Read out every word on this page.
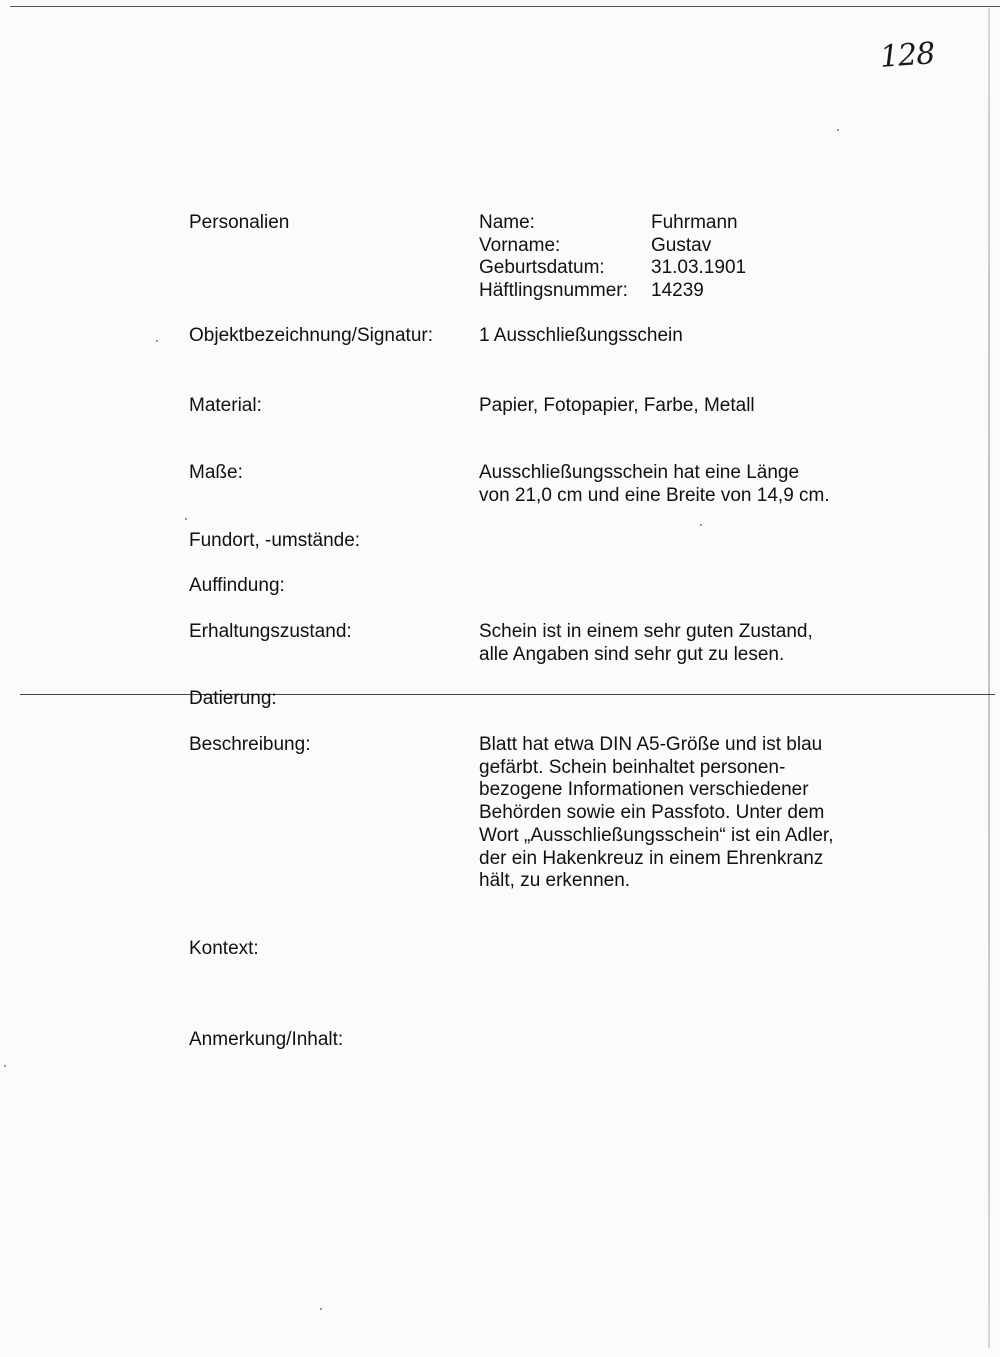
128
Personalien	Name:	Fuhrmann
Vorname:	Gustav
Geburtsdatum: 31.03.1901
Häftlingsnummer: 14239
Objektbezeichnung/Signatur: 1 Ausschließungsschein
Material:	Papier, Fotopapier, Farbe, Metall
Maße:	Ausschließungsschein hat eine Länge
von 21,0 cm und eine Breite von 14,9 cm.
Fundort, -umstände:
Auffindung:
Erhaltungszustand:	Schein ist in einem sehr guten Zustand,
alle Angaben sind sehr gut zu lesen.
Datierung:
Beschreibung:	Blatt hat etwa DIN A5-Größe und ist blau
gefärbt. Schein beinhaltet personen-
bezogene Informationen verschiedener
Behörden sowie ein Passfoto. Unter dem
Wort „Ausschließungsschein“ ist ein Adler,
der ein Hakenkreuz in einem Ehrenkranz
hält, zu erkennen.
Kontext:
Anmerkung/Inhalt:
